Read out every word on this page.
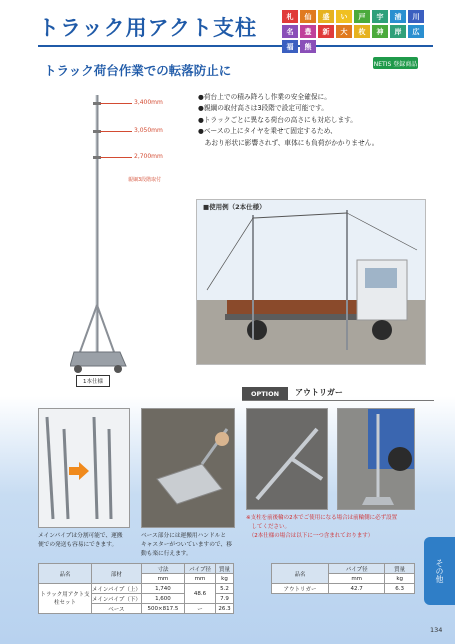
トラック用アクト支柱	札	仙	盛	い	戸	宇	浦	川
名	豊	新	大	枚	神	岸	広
福	熊
トラック荷台作業での転落防止に	NETIS 登録商品
3,400mm
3,050mm
2,700mm
親綱3段階取付
1本仕様
●荷台上での積み降ろし作業の安全確保に。
●親綱の取付高さは3段階で設定可能です。
●トラックごとに異なる荷台の高さにも対応します。
●ベースの上にタイヤを乗せて固定するため、
　あおり形状に影響されず、車体にも負荷がかかりません。
■使用例（2本仕様）
OPTION	アウトリガー
メインパイプは分割可能で、運搬
便での発送も容易にできます。
ベース部分には運搬用ハンドルと
キャスターがついていますので、移
動も楽に行えます。
※支柱を前後輪の2本でご使用になる場合は前輪側に必ず設置
　してください。
　（2本仕様の場合は以下に一つ含まれております）
品名	部材	寸法	パイプ径	質量
		mm	mm	kg
トラック用アクト支柱セット	メインパイプ（上）	1,740	48.6	5.2
	メインパイプ（下）	1,600		7.9
	ベース	500×817.5	ー	26.3
品名	パイプ径	質量
	mm	kg
アウトリガー	42.7	6.3
その他
134
